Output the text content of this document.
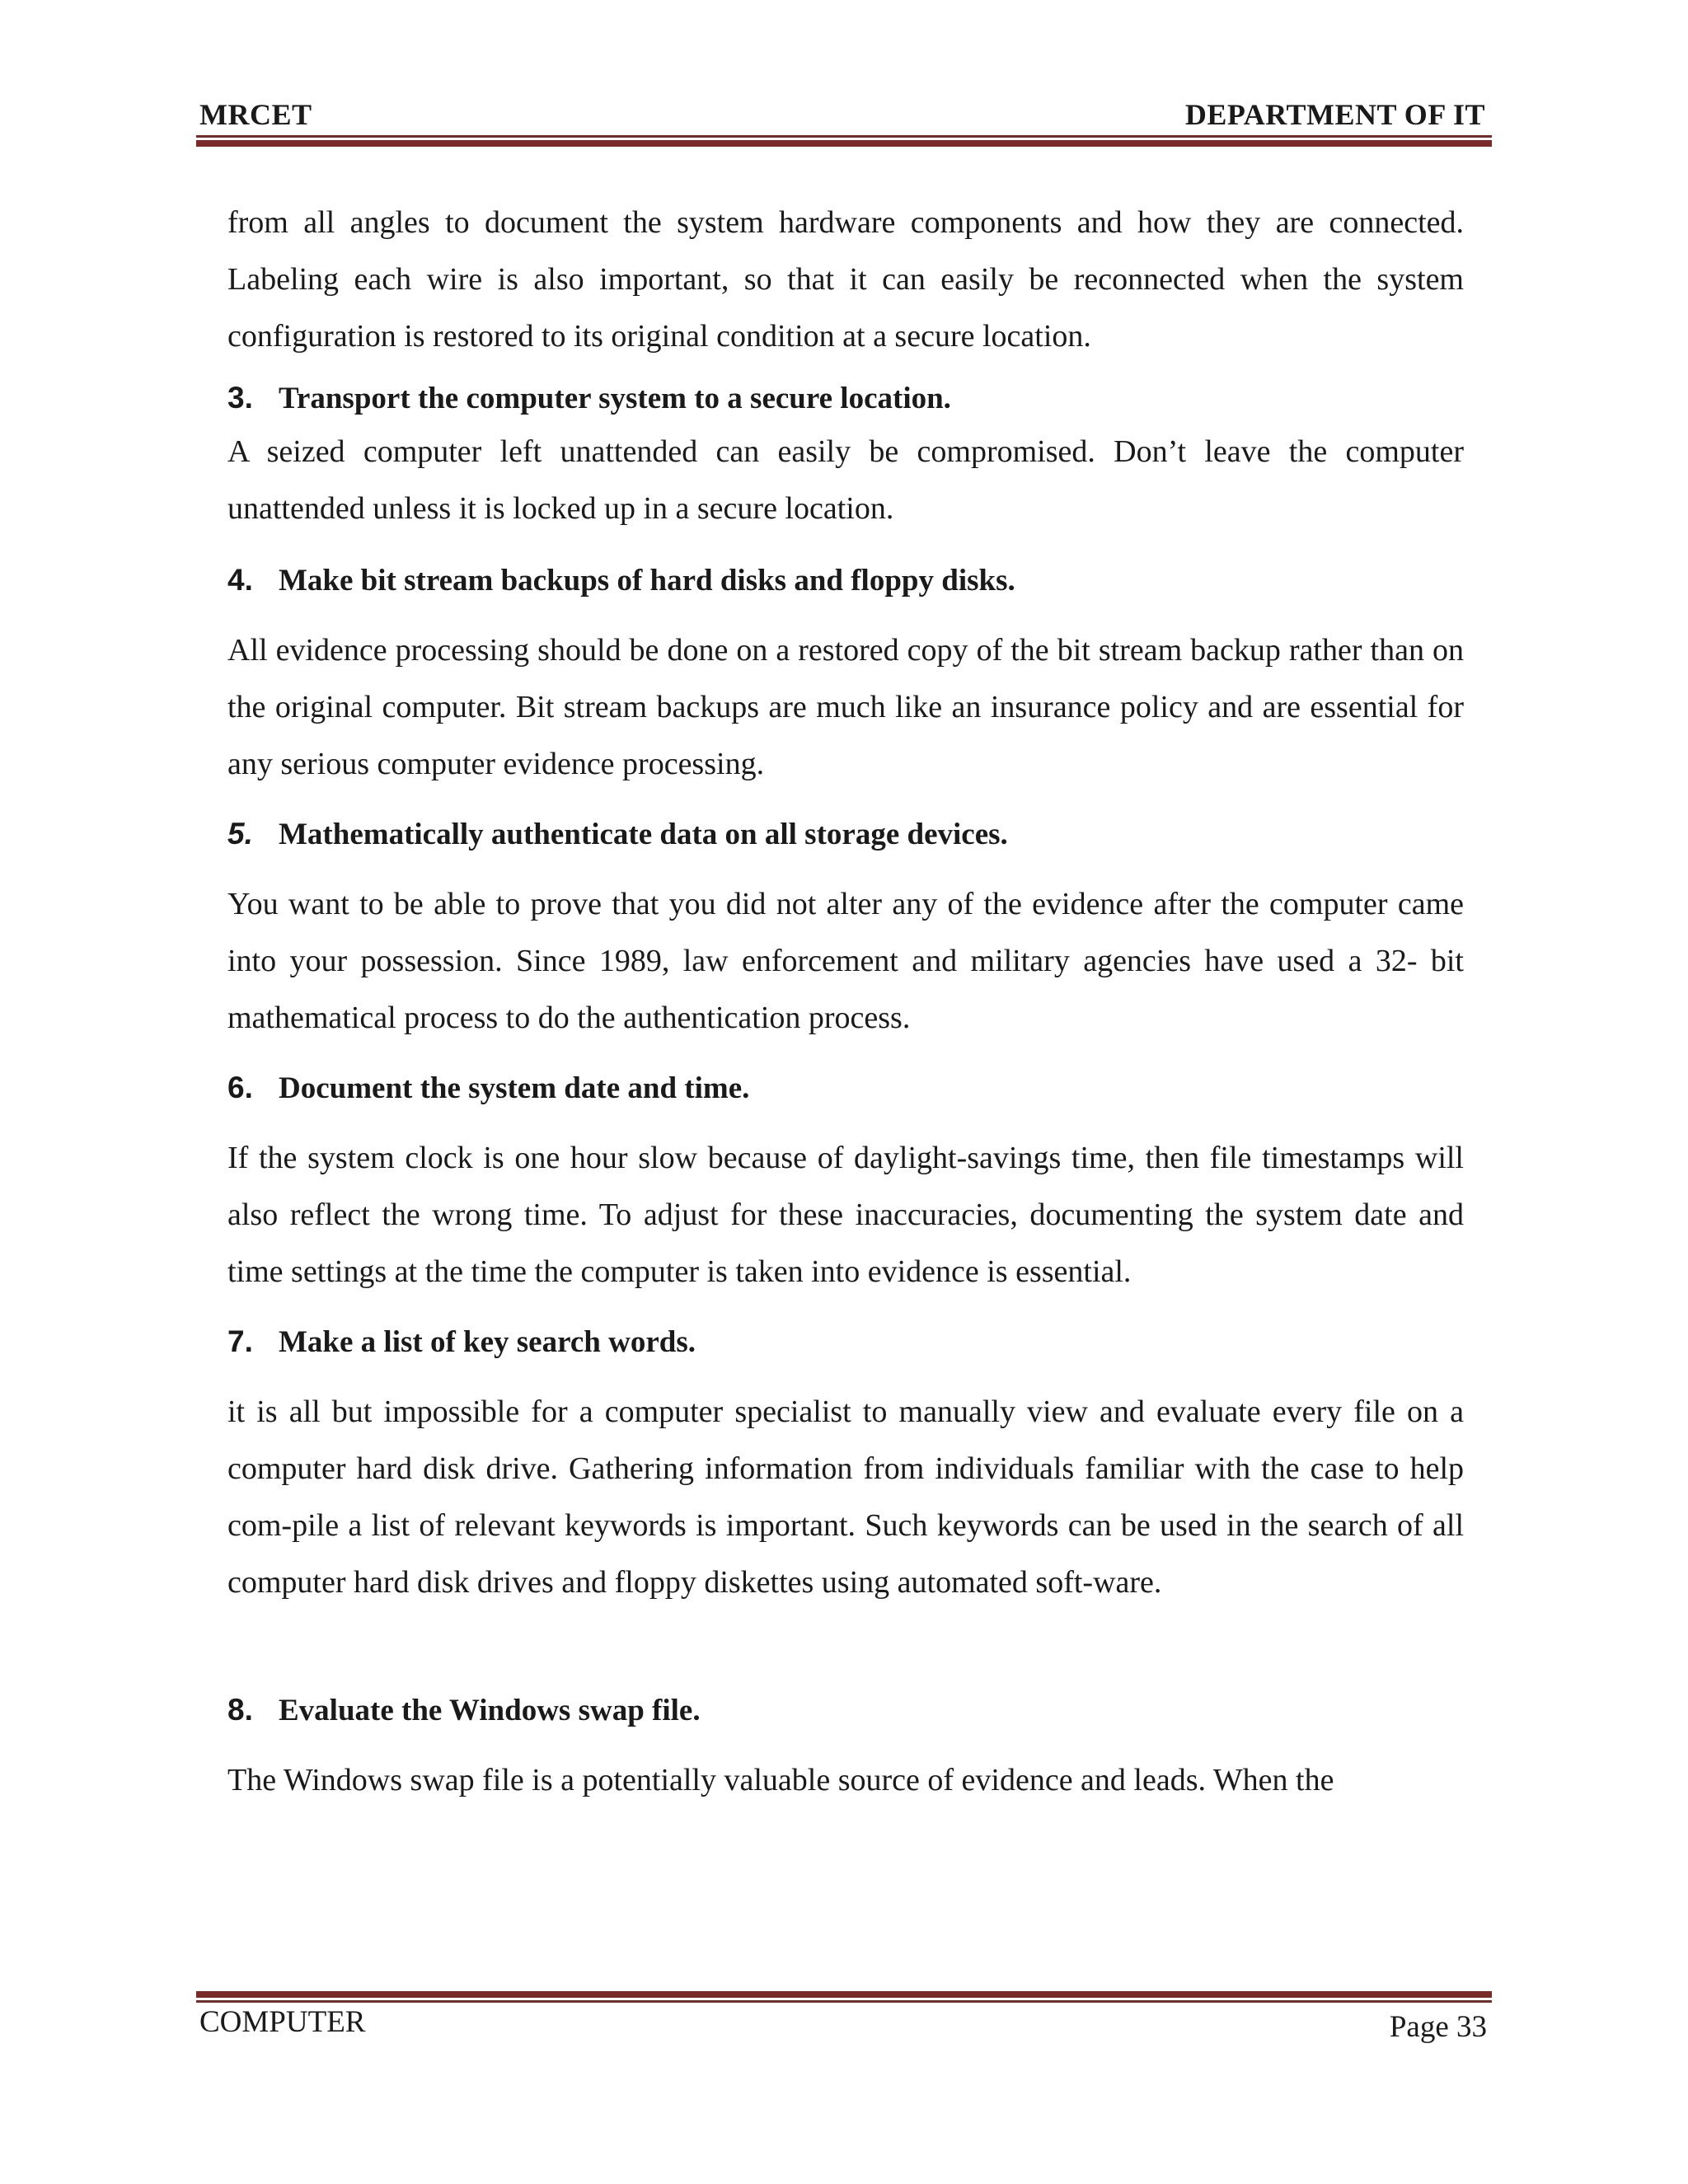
MRCET	DEPARTMENT OF IT

from all angles to document the system hardware components and how they are connected. Labeling each wire is also important, so that it can easily be reconnected when the system configuration is restored to its original condition at a secure location.

3. Transport the computer system to a secure location.

A seized computer left unattended can easily be compromised. Don’t leave the computer unattended unless it is locked up in a secure location.

4. Make bit stream backups of hard disks and floppy disks.

All evidence processing should be done on a restored copy of the bit stream backup rather than on the original computer. Bit stream backups are much like an insurance policy and are essential for any serious computer evidence processing.

5. Mathematically authenticate data on all storage devices.

You want to be able to prove that you did not alter any of the evidence after the computer came into your possession. Since 1989, law enforcement and military agencies have used a 32- bit mathematical process to do the authentication process.

6. Document the system date and time.

If the system clock is one hour slow because of daylight-savings time, then file timestamps will also reflect the wrong time. To adjust for these inaccuracies, documenting the system date and time settings at the time the computer is taken into evidence is essential.

7. Make a list of key search words.

it is all but impossible for a computer specialist to manually view and evaluate every file on a computer hard disk drive. Gathering information from individuals familiar with the case to help com-pile a list of relevant keywords is important. Such keywords can be used in the search of all computer hard disk drives and floppy diskettes using automated soft-ware.

8. Evaluate the Windows swap file.

The Windows swap file is a potentially valuable source of evidence and leads. When the

COMPUTER	Page 33
